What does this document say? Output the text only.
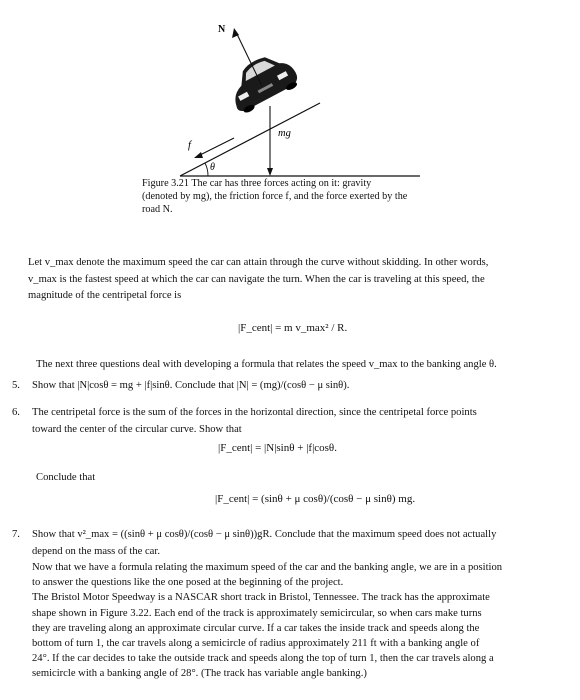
N
mg
f
θ
Figure 3.21 The car has three forces acting on it: gravity
(denoted by mg), the friction force f, and the force exerted by the
road N.
Let v_max denote the maximum speed the car can attain through the curve without skidding. In other words,
v_max is the fastest speed at which the car can navigate the turn. When the car is traveling at this speed, the
magnitude of the centripetal force is
|F_cent| = m v_max² / R.
The next three questions deal with developing a formula that relates the speed v_max to the banking angle θ.
5. Show that |N|cosθ = mg + |f|sinθ. Conclude that |N| = (mg)/(cosθ − μ sinθ).
6. The centripetal force is the sum of the forces in the horizontal direction, since the centripetal force points
toward the center of the circular curve. Show that
|F_cent| = |N|sinθ + |f|cosθ.
Conclude that
|F_cent| = (sinθ + μ cosθ)/(cosθ − μ sinθ) mg.
7. Show that v²_max = ((sinθ + μ cosθ)/(cosθ − μ sinθ))gR. Conclude that the maximum speed does not actually
depend on the mass of the car.
Now that we have a formula relating the maximum speed of the car and the banking angle, we are in a position
to answer the questions like the one posed at the beginning of the project.
The Bristol Motor Speedway is a NASCAR short track in Bristol, Tennessee. The track has the approximate
shape shown in Figure 3.22. Each end of the track is approximately semicircular, so when cars make turns
they are traveling along an approximate circular curve. If a car takes the inside track and speeds along the
bottom of turn 1, the car travels along a semicircle of radius approximately 211 ft with a banking angle of
24°. If the car decides to take the outside track and speeds along the top of turn 1, then the car travels along a
semicircle with a banking angle of 28°. (The track has variable angle banking.)
